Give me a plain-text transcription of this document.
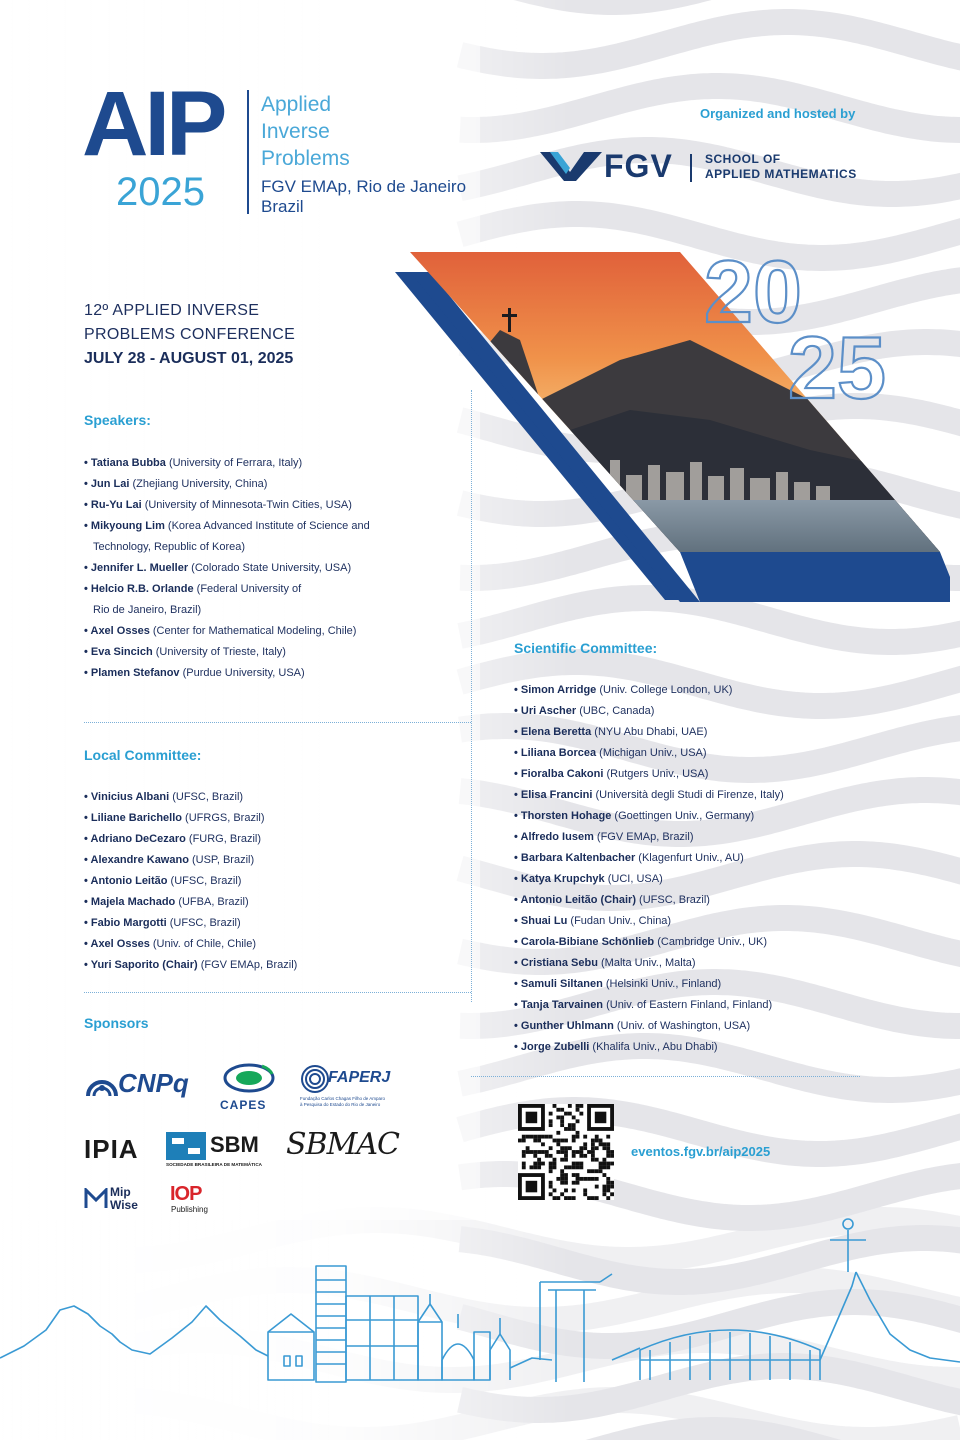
AIP
2025
Applied
Inverse
Problems
FGV EMAp, Rio de Janeiro
Brazil
Organized and hosted by
FGV	SCHOOL OF
APPLIED MATHEMATICS
12º APPLIED INVERSE
PROBLEMS CONFERENCE
JULY 28 - AUGUST 01, 2025
20
25
Speakers:
• Tatiana Bubba (University of Ferrara, Italy)
• Jun Lai (Zhejiang University, China)
• Ru-Yu Lai (University of Minnesota-Twin Cities, USA)
• Mikyoung Lim (Korea Advanced Institute of Science and
Technology, Republic of Korea)
• Jennifer L. Mueller (Colorado State University, USA)
• Helcio R.B. Orlande (Federal University of
Rio de Janeiro, Brazil)
• Axel Osses (Center for Mathematical Modeling, Chile)
• Eva Sincich (University of Trieste, Italy)
• Plamen Stefanov (Purdue University, USA)
Local Committee:
• Vinicius Albani (UFSC, Brazil)
• Liliane Barichello (UFRGS, Brazil)
• Adriano DeCezaro (FURG, Brazil)
• Alexandre Kawano (USP, Brazil)
• Antonio Leitão (UFSC, Brazil)
• Majela Machado (UFBA, Brazil)
• Fabio Margotti (UFSC, Brazil)
• Axel Osses (Univ. of Chile, Chile)
• Yuri Saporito (Chair) (FGV EMAp, Brazil)
Scientific Committee:
• Simon Arridge (Univ. College London, UK)
• Uri Ascher (UBC, Canada)
• Elena Beretta (NYU Abu Dhabi, UAE)
• Liliana Borcea (Michigan Univ., USA)
• Fioralba Cakoni (Rutgers Univ., USA)
• Elisa Francini (Università degli Studi di Firenze, Italy)
• Thorsten Hohage (Goettingen Univ., Germany)
• Alfredo Iusem (FGV EMAp, Brazil)
• Barbara Kaltenbacher (Klagenfurt Univ., AU)
• Katya Krupchyk (UCI, USA)
• Antonio Leitão (Chair) (UFSC, Brazil)
• Shuai Lu (Fudan Univ., China)
• Carola-Bibiane Schönlieb (Cambridge Univ., UK)
• Cristiana Sebu (Malta Univ., Malta)
• Samuli Siltanen (Helsinki Univ., Finland)
• Tanja Tarvainen (Univ. of Eastern Finland, Finland)
• Gunther Uhlmann (Univ. of Washington, USA)
• Jorge Zubelli (Khalifa Univ., Abu Dhabi)
Sponsors
CNPq
CAPES
FAPERJ
Fundação Carlos Chagas Filho de Amparo
à Pesquisa do Estado do Rio de Janeiro
IPIA	SBM
SOCIEDADE BRASILEIRA DE MATEMÁTICA
SBMAC
Mip
Wise IOP
Publishing
eventos.fgv.br/aip2025
